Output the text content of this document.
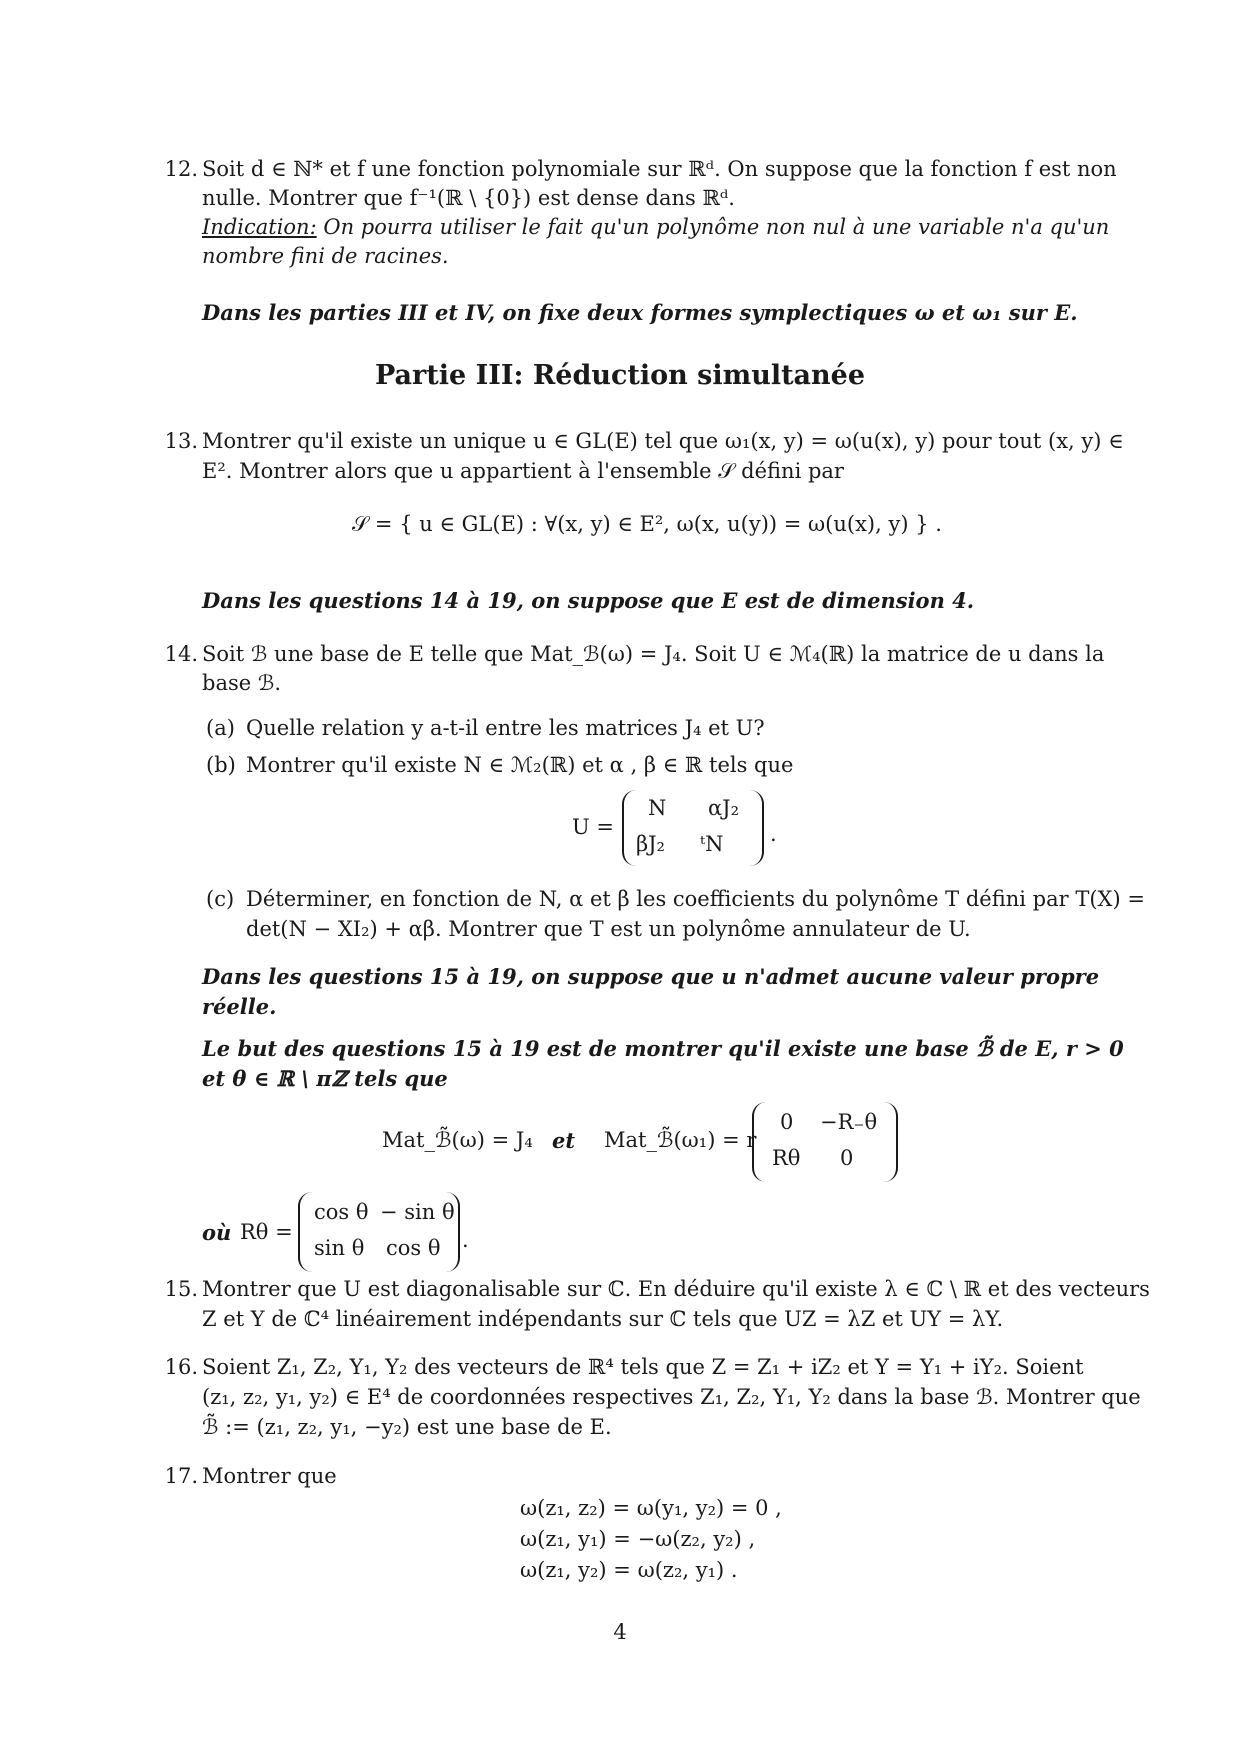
12. Soit d ∈ ℕ* et f une fonction polynomiale sur ℝᵈ. On suppose que la fonction f est non
nulle. Montrer que f⁻¹(ℝ \ {0}) est dense dans ℝᵈ.
Indication: On pourra utiliser le fait qu'un polynôme non nul à une variable n'a qu'un
nombre fini de racines.
Dans les parties III et IV, on fixe deux formes symplectiques ω et ω₁ sur E.
Partie III: Réduction simultanée
13. Montrer qu'il existe un unique u ∈ GL(E) tel que ω₁(x, y) = ω(u(x), y) pour tout (x, y) ∈
E². Montrer alors que u appartient à l'ensemble 𝒮 défini par
𝒮 = { u ∈ GL(E) : ∀(x, y) ∈ E², ω(x, u(y)) = ω(u(x), y) } .
Dans les questions 14 à 19, on suppose que E est de dimension 4.
14. Soit ℬ une base de E telle que Mat_ℬ(ω) = J₄. Soit U ∈ ℳ₄(ℝ) la matrice de u dans la
base ℬ.
(a) Quelle relation y a-t-il entre les matrices J₄ et U?
(b) Montrer qu'il existe N ∈ ℳ₂(ℝ) et α , β ∈ ℝ tels que
U =
N αJ₂
βJ₂ ᵗN .
(c) Déterminer, en fonction de N, α et β les coefficients du polynôme T défini par T(X) =
det(N − XI₂) + αβ. Montrer que T est un polynôme annulateur de U.
Dans les questions 15 à 19, on suppose que u n'admet aucune valeur propre
réelle.
Le but des questions 15 à 19 est de montrer qu'il existe une base ℬ̃ de E, r > 0
et θ ∈ ℝ \ πℤ tels que
Mat_ℬ̃(ω) = J₄ et Mat_ℬ̃(ω₁) = r
0 −R₋θ
Rθ 0
où Rθ =
cos θ − sin θ
sin θ cos θ .
15. Montrer que U est diagonalisable sur ℂ. En déduire qu'il existe λ ∈ ℂ \ ℝ et des vecteurs
Z et Y de ℂ⁴ linéairement indépendants sur ℂ tels que UZ = λZ et UY = λY.
16. Soient Z₁, Z₂, Y₁, Y₂ des vecteurs de ℝ⁴ tels que Z = Z₁ + iZ₂ et Y = Y₁ + iY₂. Soient
(z₁, z₂, y₁, y₂) ∈ E⁴ de coordonnées respectives Z₁, Z₂, Y₁, Y₂ dans la base ℬ. Montrer que
ℬ̃ := (z₁, z₂, y₁, −y₂) est une base de E.
17. Montrer que
ω(z₁, z₂) = ω(y₁, y₂) = 0 ,
ω(z₁, y₁) = −ω(z₂, y₂) ,
ω(z₁, y₂) = ω(z₂, y₁) .
4
